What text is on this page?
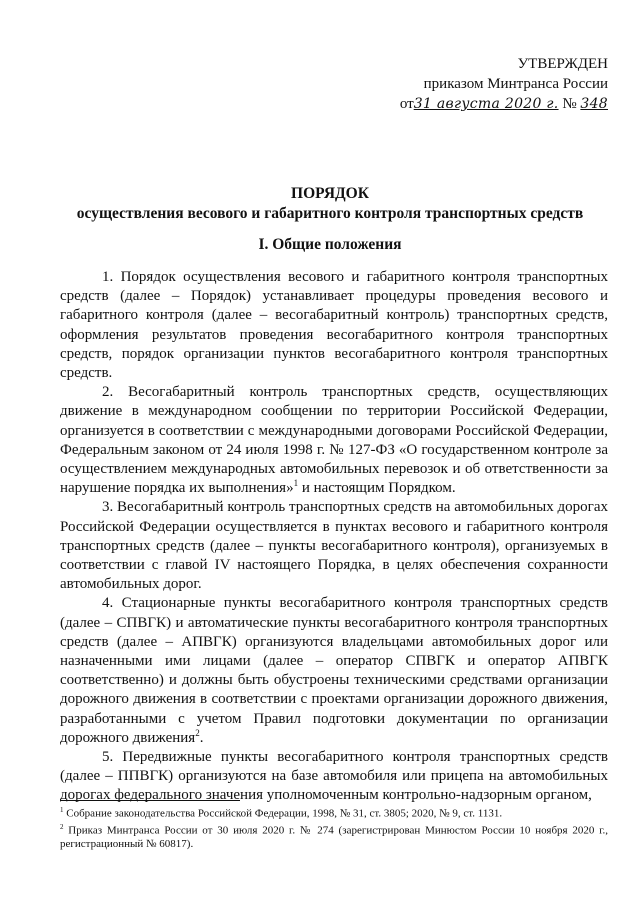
УТВЕРЖДЕН
приказом Минтранса России
от31 августа 2020 г. № 348
ПОРЯДОК
осуществления весового и габаритного контроля транспортных средств
I. Общие положения

1. Порядок осуществления весового и габаритного контроля транспортных средств (далее – Порядок) устанавливает процедуры проведения весового и габаритного контроля (далее – весогабаритный контроль) транспортных средств, оформления результатов проведения весогабаритного контроля транспортных средств, порядок организации пунктов весогабаритного контроля транспортных средств.

2. Весогабаритный контроль транспортных средств, осуществляющих движение в международном сообщении по территории Российской Федерации, организуется в соответствии с международными договорами Российской Федерации, Федеральным законом от 24 июля 1998 г. № 127-ФЗ «О государственном контроле за осуществлением международных автомобильных перевозок и об ответственности за нарушение порядка их выполнения»$^1$ и настоящим Порядком.

3. Весогабаритный контроль транспортных средств на автомобильных дорогах Российской Федерации осуществляется в пунктах весового и габаритного контроля транспортных средств (далее – пункты весогабаритного контроля), организуемых в соответствии с главой IV настоящего Порядка, в целях обеспечения сохранности автомобильных дорог.

4. Стационарные пункты весогабаритного контроля транспортных средств (далее – СПВГК) и автоматические пункты весогабаритного контроля транспортных средств (далее – АПВГК) организуются владельцами автомобильных дорог или назначенными ими лицами (далее – оператор СПВГК и оператор АПВГК соответственно) и должны быть обустроены техническими средствами организации дорожного движения в соответствии с проектами организации дорожного движения, разработанными с учетом Правил подготовки документации по организации дорожного движения$^2$.

5. Передвижные пункты весогабаритного контроля транспортных средств (далее – ППВГК) организуются на базе автомобиля или прицепа на автомобильных дорогах федерального значения уполномоченным контрольно-надзорным органом,

$^1$ Собрание законодательства Российской Федерации, 1998, № 31, ст. 3805; 2020, № 9, ст. 1131.

$^2$ Приказ Минтранса России от 30 июля 2020 г. № 274 (зарегистрирован Минюстом России 10 ноября 2020 г., регистрационный № 60817).
